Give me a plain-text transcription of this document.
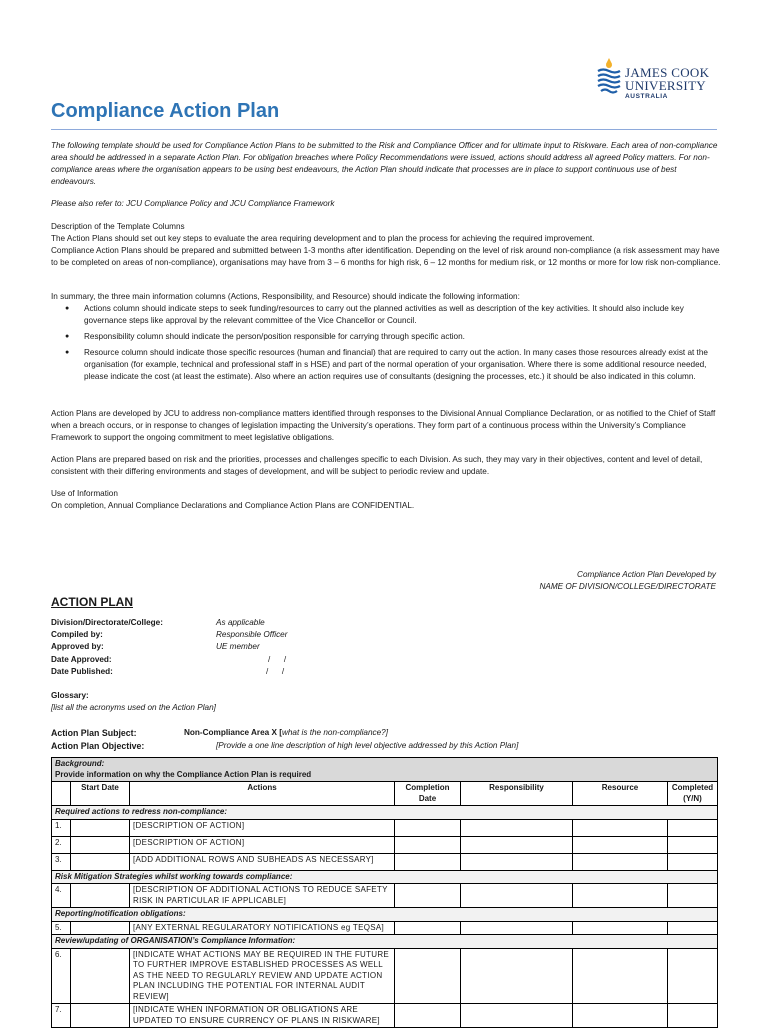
JAMES COOK
UNIVERSITY
AUSTRALIA
Compliance Action Plan
The following template should be used for Compliance Action Plans to be submitted to the Risk and Compliance Officer and for ultimate input to Riskware. Each area of non-compliance area should be addressed in a separate Action Plan. For obligation breaches where Policy Recommendations were issued, actions should address all agreed Policy matters. For non-compliance areas where the organisation appears to be using best endeavours, the Action Plan should indicate that processes are in place to support continuous use of best endeavours.
Please also refer to: JCU Compliance Policy and JCU Compliance Framework
Description of the Template Columns
The Action Plans should set out key steps to evaluate the area requiring development and to plan the process for achieving the required improvement.
Compliance Action Plans should be prepared and submitted between 1-3 months after identification. Depending on the level of risk around non-compliance (a risk assessment may have to be completed on areas of non-compliance), organisations may have from 3 – 6 months for high risk, 6 – 12 months for medium risk, or 12 months or more for low risk non-compliance.
In summary, the three main information columns (Actions, Responsibility, and Resource) should indicate the following information:
● Actions column should indicate steps to seek funding/resources to carry out the planned activities as well as description of the key activities. It should also include key governance steps like approval by the relevant committee of the Vice Chancellor or Council.
● Responsibility column should indicate the person/position responsible for carrying through specific action.
● Resource column should indicate those specific resources (human and financial) that are required to carry out the action. In many cases those resources already exist at the organisation (for example, technical and professional staff in s HSE) and part of the normal operation of your organisation. Where there is some additional resource needed, please indicate the cost (at least the estimate). Also where an action requires use of consultants (designing the processes, etc.) it should be also indicated in this column.
Action Plans are developed by JCU to address non-compliance matters identified through responses to the Divisional Annual Compliance Declaration, or as notified to the Chief of Staff when a breach occurs, or in response to changes of legislation impacting the University’s operations. They form part of a continuous process within the University’s Compliance Framework to support the ongoing commitment to meet legislative obligations.
Action Plans are prepared based on risk and the priorities, processes and challenges specific to each Division. As such, they may vary in their objectives, content and level of detail, consistent with their differing environments and stages of development, and will be subject to periodic review and update.
Use of Information
On completion, Annual Compliance Declarations and Compliance Action Plans are CONFIDENTIAL.
Compliance Action Plan Developed by
NAME OF DIVISION/COLLEGE/DIRECTORATE
ACTION PLAN
Division/Directorate/College:	As applicable
Compiled by:	Responsible Officer
Approved by:	UE member
Date Approved:	/      /
Date Published:	/      /
Glossary:
[list all the acronyms used on the Action Plan]
Action Plan Subject:	Non-Compliance Area X [what is the non-compliance?]
Action Plan Objective:	[Provide a one line description of high level objective addressed by this Action Plan]
Background:
Provide information on why the Compliance Action Plan is required						

	Start Date	Actions	Completion Date	Responsibility	Resource	Completed (Y/N)
Required actions to redress non-compliance:						
1.		[DESCRIPTION OF ACTION]				
2.		[DESCRIPTION OF ACTION]				
3.		[ADD ADDITIONAL ROWS AND SUBHEADS AS NECESSARY]				
Risk Mitigation Strategies whilst working towards compliance:						
4.		[DESCRIPTION OF ADDITIONAL ACTIONS TO REDUCE SAFETY RISK IN PARTICULAR IF APPLICABLE]				
Reporting/notification obligations:						
5.		[ANY EXTERNAL REGULARATORY NOTIFICATIONS eg TEQSA]				
Review/updating of ORGANISATION’s Compliance Information:						
6.		[INDICATE WHAT ACTIONS MAY BE REQUIRED IN THE FUTURE TO FURTHER IMPROVE ESTABLISHED PROCESSES AS WELL AS THE NEED TO REGULARLY REVIEW AND UPDATE ACTION PLAN INCLUDING THE POTENTIAL FOR INTERNAL AUDIT REVIEW]				
7.		[INDICATE WHEN INFORMATION OR OBLIGATIONS ARE UPDATED TO ENSURE CURRENCY OF PLANS IN RISKWARE]				
